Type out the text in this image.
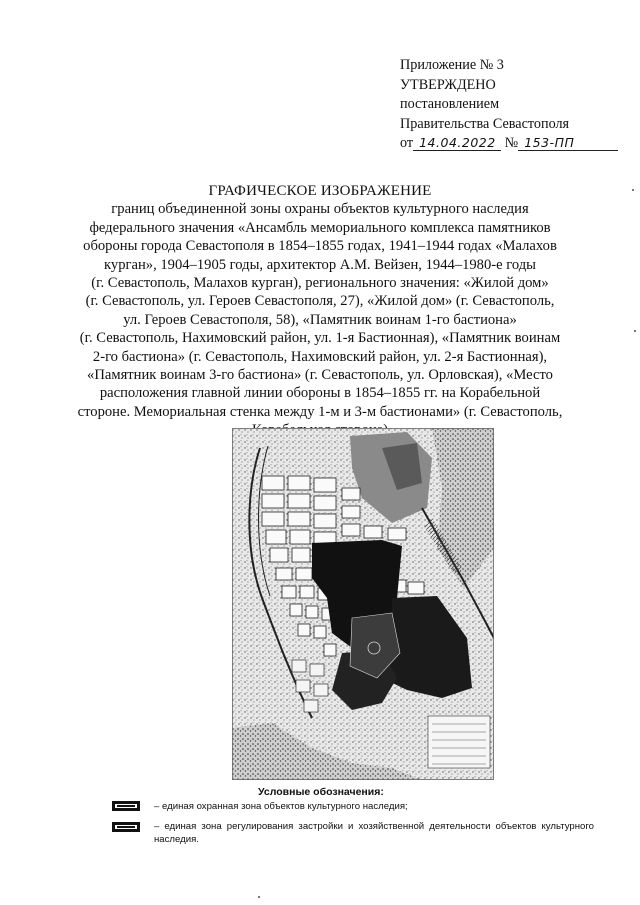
Приложение № 3
УТВЕРЖДЕНО
постановлением
Правительства Севастополя
от 14.04.2022 № 153-ПП
ГРАФИЧЕСКОЕ ИЗОБРАЖЕНИЕ
границ объединенной зоны охраны объектов культурного наследия
федерального значения «Ансамбль мемориального комплекса памятников
обороны города Севастополя в 1854–1855 годах, 1941–1944 годах «Малахов
курган», 1904–1905 годы, архитектор А.М. Вейзен, 1944–1980-е годы
(г. Севастополь, Малахов курган), регионального значения: «Жилой дом»
(г. Севастополь, ул. Героев Севастополя, 27), «Жилой дом» (г. Севастополь,
ул. Героев Севастополя, 58), «Памятник воинам 1-го бастиона»
(г. Севастополь, Нахимовский район, ул. 1-я Бастионная), «Памятник воинам
2-го бастиона» (г. Севастополь, Нахимовский район, ул. 2-я Бастионная),
«Памятник воинам 3-го бастиона» (г. Севастополь, ул. Орловская), «Место
расположения главной линии обороны в 1854–1855 гг. на Корабельной
стороне. Мемориальная стенка между 1-м и 3-м бастионами» (г. Севастополь,
Условные обозначения:
– единая охранная зона объектов культурного наследия;
– единая зона регулирования застройки и хозяйственной деятельности объектов культурного наследия.
